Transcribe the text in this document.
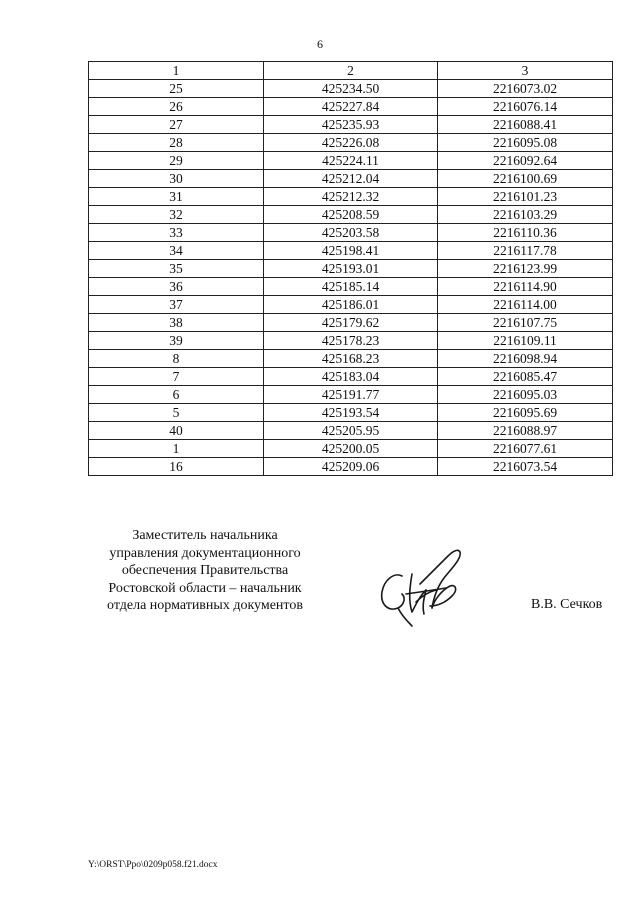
6
1	2	3
25	425234.50	2216073.02
26	425227.84	2216076.14
27	425235.93	2216088.41
28	425226.08	2216095.08
29	425224.11	2216092.64
30	425212.04	2216100.69
31	425212.32	2216101.23
32	425208.59	2216103.29
33	425203.58	2216110.36
34	425198.41	2216117.78
35	425193.01	2216123.99
36	425185.14	2216114.90
37	425186.01	2216114.00
38	425179.62	2216107.75
39	425178.23	2216109.11
8	425168.23	2216098.94
7	425183.04	2216085.47
6	425191.77	2216095.03
5	425193.54	2216095.69
40	425205.95	2216088.97
1	425200.05	2216077.61
16	425209.06	2216073.54
Заместитель начальника
управления документационного
обеспечения Правительства
Ростовской области – начальник
отдела нормативных документов	В.В. Сечков
Y:\ORST\Ppo\0209p058.f21.docx
